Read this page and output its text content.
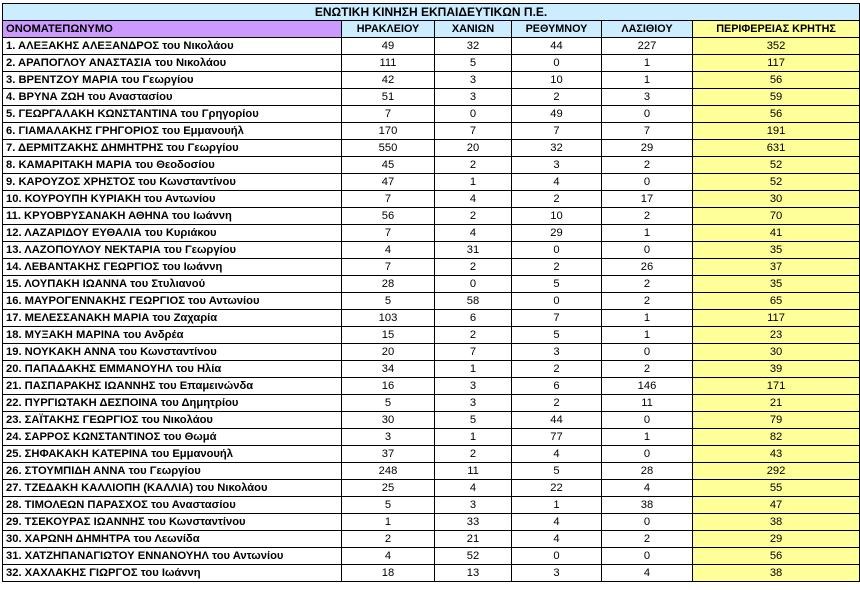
ΕΝΩΤΙΚΗ ΚΙΝΗΣΗ ΕΚΠΑΙΔΕΥΤΙΚΩΝ Π.Ε.					
ΟΝΟΜΑΤΕΠΩΝΥΜΟ	ΗΡΑΚΛΕΙΟΥ	ΧΑΝΙΩΝ	ΡΕΘΥΜΝΟΥ	ΛΑΣΙΘΙΟΥ	ΠΕΡΙΦΕΡΕΙΑΣ ΚΡΗΤΗΣ
1. ΑΛΕΞΑΚΗΣ ΑΛΕΞΑΝΔΡΟΣ του Νικολάου	49	32	44	227	352
2. ΑΡΑΠΟΓΛΟΥ ΑΝΑΣΤΑΣΙΑ του Νικολάου	111	5	0	1	117
3. ΒΡΕΝΤΖΟΥ ΜΑΡΙΑ του Γεωργίου	42	3	10	1	56
4. ΒΡΥΝΑ ΖΩΗ του Αναστασίου	51	3	2	3	59
5. ΓΕΩΡΓΑΛΑΚΗ ΚΩΝΣΤΑΝΤΙΝΑ του Γρηγορίου	7	0	49	0	56
6. ΓΙΑΜΑΛΑΚΗΣ ΓΡΗΓΟΡΙΟΣ του Εμμανουήλ	170	7	7	7	191
7. ΔΕΡΜΙΤΖΑΚΗΣ ΔΗΜΗΤΡΗΣ του Γεωργίου	550	20	32	29	631
8. ΚΑΜΑΡΙΤΑΚΗ ΜΑΡΙΑ του Θεοδοσίου	45	2	3	2	52
9. ΚΑΡΟΥΖΟΣ ΧΡΗΣΤΟΣ του Κωνσταντίνου	47	1	4	0	52
10. ΚΟΥΡΟΥΠΗ ΚΥΡΙΑΚΗ του Αντωνίου	7	4	2	17	30
11. ΚΡΥΟΒΡΥΣΑΝΑΚΗ ΑΘΗΝΑ του Ιωάννη	56	2	10	2	70
12. ΛΑΖΑΡΙΔΟΥ ΕΥΘΑΛΙΑ του Κυριάκου	7	4	29	1	41
13. ΛΑΖΟΠΟΥΛΟΥ ΝΕΚΤΑΡΙΑ του Γεωργίου	4	31	0	0	35
14. ΛΕΒΑΝΤΑΚΗΣ ΓΕΩΡΓΙΟΣ του Ιωάννη	7	2	2	26	37
15. ΛΟΥΠΑΚΗ ΙΩΑΝΝΑ του Στυλιανού	28	0	5	2	35
16. ΜΑΥΡΟΓΕΝΝΑΚΗΣ ΓΕΩΡΓΙΟΣ του Αντωνίου	5	58	0	2	65
17. ΜΕΛΕΣΣΑΝΑΚΗ ΜΑΡΙΑ του Ζαχαρία	103	6	7	1	117
18. ΜΥΞΑΚΗ ΜΑΡΙΝΑ του Ανδρέα	15	2	5	1	23
19. ΝΟΥΚΑΚΗ ΑΝΝΑ του Κωνσταντίνου	20	7	3	0	30
20. ΠΑΠΑΔΑΚΗΣ ΕΜΜΑΝΟΥΗΛ του Ηλία	34	1	2	2	39
21. ΠΑΣΠΑΡΑΚΗΣ ΙΩΑΝΝΗΣ του Επαμεινώνδα	16	3	6	146	171
22. ΠΥΡΓΙΩΤΑΚΗ ΔΕΣΠΟΙΝΑ του Δημητρίου	5	3	2	11	21
23. ΣΑΪΤΑΚΗΣ ΓΕΩΡΓΙΟΣ του Νικολάου	30	5	44	0	79
24. ΣΑΡΡΟΣ ΚΩΝΣΤΑΝΤΙΝΟΣ του Θωμά	3	1	77	1	82
25. ΣΗΦΑΚΑΚΗ ΚΑΤΕΡΙΝΑ του Εμμανουήλ	37	2	4	0	43
26. ΣΤΟΥΜΠΙΔΗ ΑΝΝΑ του Γεωργίου	248	11	5	28	292
27. ΤΖΕΔΑΚΗ ΚΑΛΛΙΟΠΗ (ΚΑΛΛΙΑ) του Νικολάου	25	4	22	4	55
28. ΤΙΜΟΛΕΩΝ ΠΑΡΑΣΧΟΣ του Αναστασίου	5	3	1	38	47
29. ΤΣΕΚΟΥΡΑΣ ΙΩΑΝΝΗΣ του Κωνσταντίνου	1	33	4	0	38
30. ΧΑΡΩΝΗ ΔΗΜΗΤΡΑ του Λεωνίδα	2	21	4	2	29
31. ΧΑΤΖΗΠΑΝΑΓΙΩΤΟΥ ΕΝΝΑΝΟΥΗΛ του Αντωνίου	4	52	0	0	56
32. ΧΑΧΛΑΚΗΣ ΓΙΩΡΓΟΣ του Ιωάννη	18	13	3	4	38
